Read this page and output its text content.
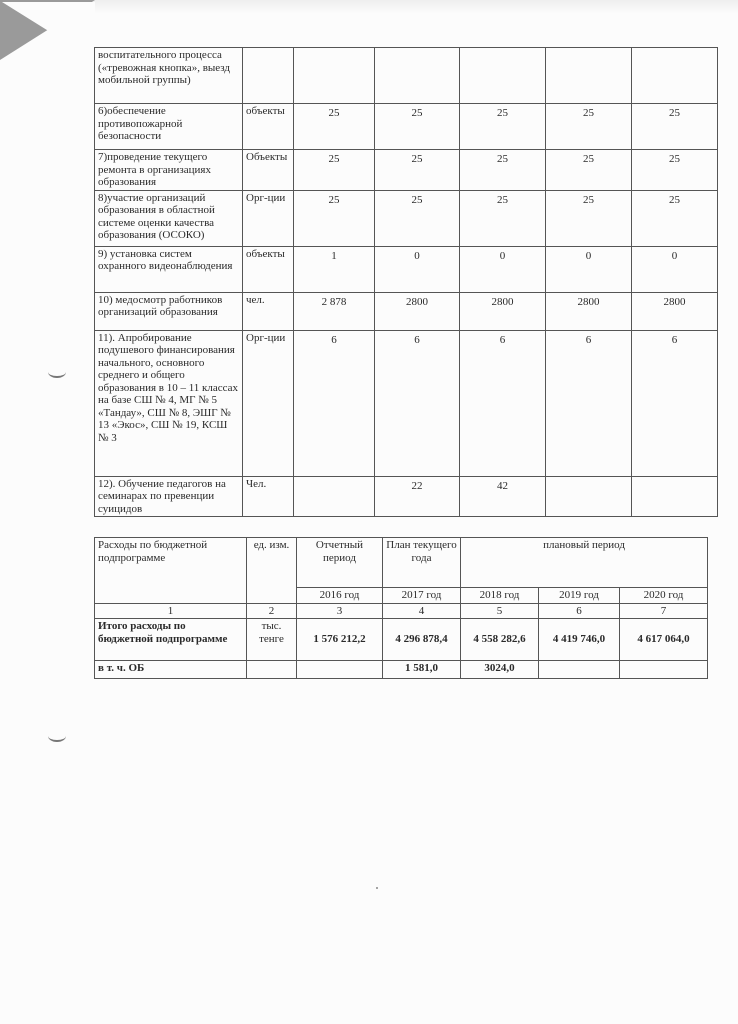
воспитательного процесса («тревожная кнопка», выезд мобильной группы)						
6)обеспечение противопожарной безопасности	объекты	25	25	25	25	25
7)проведение текущего ремонта в организациях образования	Объекты	25	25	25	25	25
8)участие организаций образования в областной системе оценки качества образования (ОСОКО)	Орг-ции	25	25	25	25	25
9) установка систем охранного видеонаблюдения	объекты	1	0	0	0	0
10) медосмотр работников организаций образования	чел.	2 878	2800	2800	2800	2800
11). Апробирование подушевого финансирования начального, основного среднего и общего образования в 10 – 11 классах на базе СШ № 4, МГ № 5 «Тандау», СШ № 8, ЭШГ № 13 «Экос», СШ № 19, КСШ № 3	Орг-ции	6	6	6	6	6
12). Обучение педагогов на семинарах по превенции суицидов	Чел.		22	42		
Расходы по бюджетной подпрограмме	ед. изм.	Отчетный период	План текущего года	плановый период		
		2016 год	2017 год	2018 год	2019 год	2020 год
1	2	3	4	5	6	7
Итого расходы по бюджетной подпрограмме	тыс. тенге	1 576 212,2	4 296 878,4	4 558 282,6	4 419 746,0	4 617 064,0
в т. ч. ОБ			1 581,0	3024,0		
